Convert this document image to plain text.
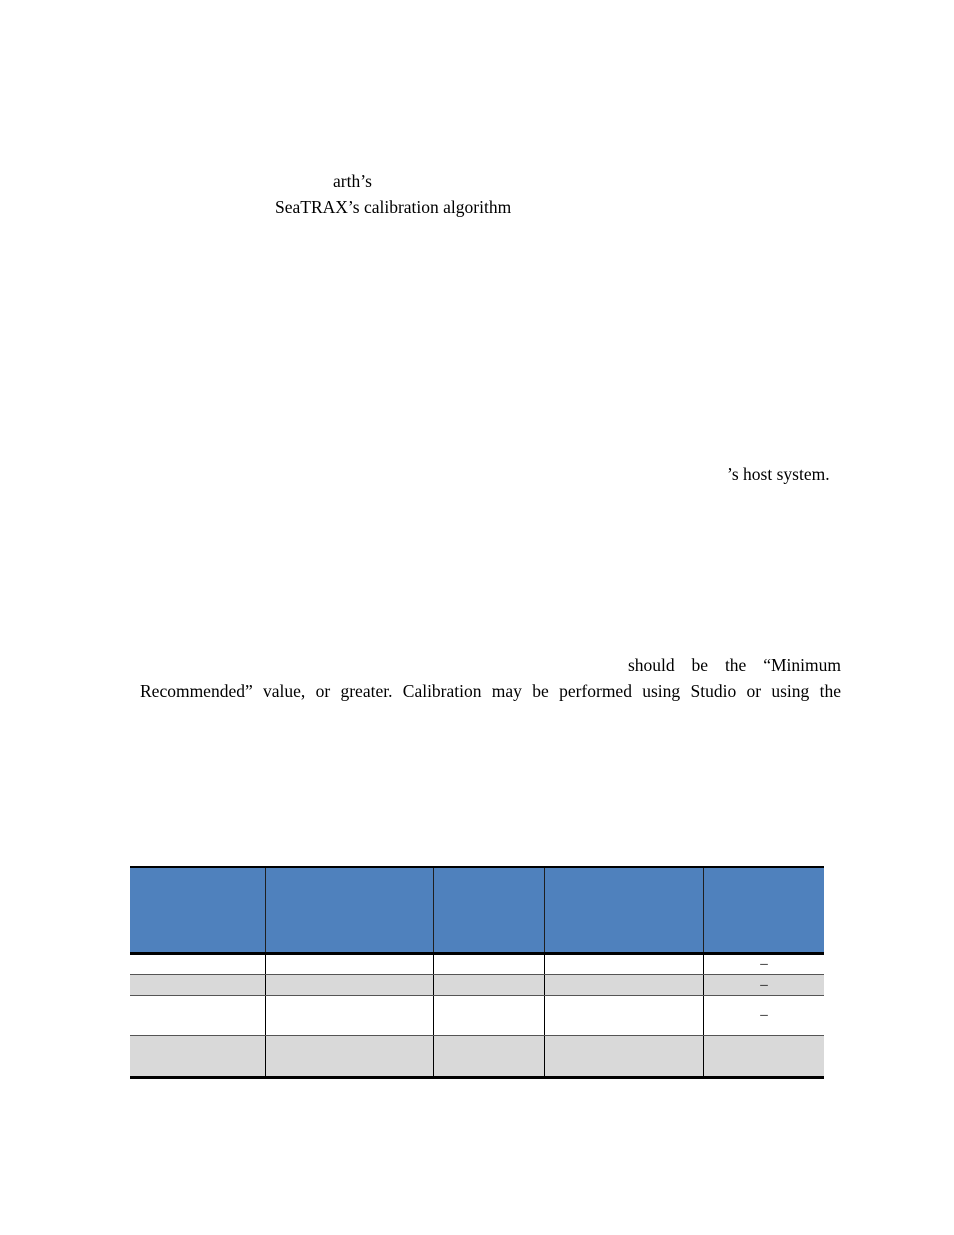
arth’s
SeaTRAX’s calibration algorithm
’s host system.
should be the “Minimum
Recommended” value, or greater. Calibration may be performed using Studio or using the
–
–
–
